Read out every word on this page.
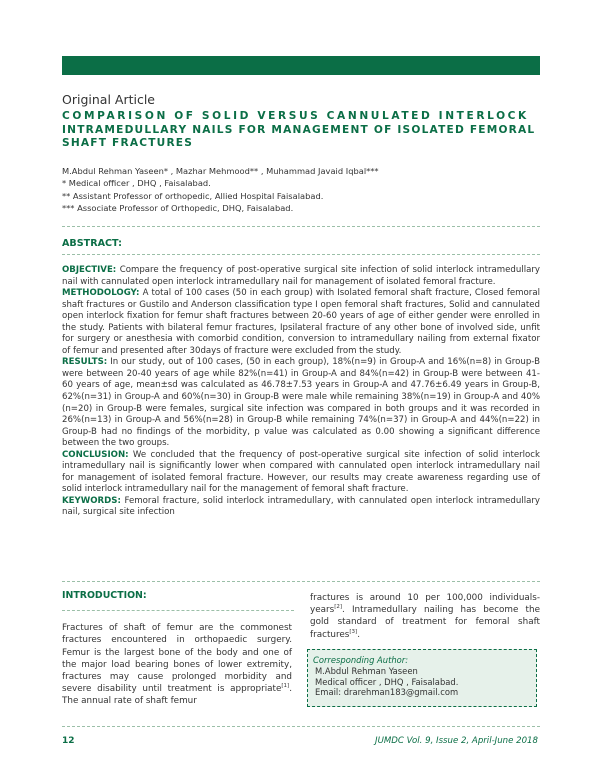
Original Article
COMPARISON OF SOLID VERSUS CANNULATED INTERLOCK
INTRAMEDULLARY NAILS FOR MANAGEMENT OF ISOLATED FEMORAL
SHAFT FRACTURES
M.Abdul Rehman Yaseen* , Mazhar Mehmood** , Muhammad Javaid Iqbal***
* Medical officer , DHQ , Faisalabad.
** Assistant Professor of orthopedic, Allied Hospital Faisalabad.
*** Associate Professor of Orthopedic, DHQ, Faisalabad.
ABSTRACT:

OBJECTIVE: Compare the frequency of post-operative surgical site infection of solid interlock intramedullary nail with cannulated open interlock intramedullary nail for management of isolated femoral fracture.

METHODOLOGY: A total of 100 cases (50 in each group) with Isolated femoral shaft fracture, Closed femoral shaft fractures or Gustilo and Anderson classification type I open femoral shaft fractures, Solid and cannulated open interlock fixation for femur shaft fractures between 20-60 years of age of either gender were enrolled in the study. Patients with bilateral femur fractures, Ipsilateral fracture of any other bone of involved side, unfit for surgery or anesthesia with comorbid condition, conversion to intramedullary nailing from external fixator of femur and presented after 30days of fracture were excluded from the study.

RESULTS: In our study, out of 100 cases, (50 in each group), 18%(n=9) in Group-A and 16%(n=8) in Group-B were between 20-40 years of age while 82%(n=41) in Group-A and 84%(n=42) in Group-B were between 41-60 years of age, mean±sd was calculated as 46.78±7.53 years in Group-A and 47.76±6.49 years in Group-B, 62%(n=31) in Group-A and 60%(n=30) in Group-B were male while remaining 38%(n=19) in Group-A and 40%(n=20) in Group-B were females, surgical site infection was compared in both groups and it was recorded in 26%(n=13) in Group-A and 56%(n=28) in Group-B while remaining 74%(n=37) in Group-A and 44%(n=22) in Group-B had no findings of the morbidity, p value was calculated as 0.00 showing a significant difference between the two groups.

CONCLUSION: We concluded that the frequency of post-operative surgical site infection of solid interlock intramedullary nail is significantly lower when compared with cannulated open interlock intramedullary nail for management of isolated femoral fracture. However, our results may create awareness regarding use of solid interlock intramedullary nail for the management of femoral shaft fracture.

KEYWORDS: Femoral fracture, solid interlock intramedullary, with cannulated open interlock intramedullary nail, surgical site infection

INTRODUCTION:

Fractures of shaft of femur are the commonest fractures encountered in orthopaedic surgery. Femur is the largest bone of the body and one of the major load bearing bones of lower extremity, fractures may cause prolonged morbidity and severe disability until treatment is appropriate[1]. The annual rate of shaft femur

fractures is around 10 per 100,000 individuals-years[2]. Intramedullary nailing has become the gold standard of treatment for femoral shaft fractures[3].

Corresponding Author:
M.Abdul Rehman Yaseen
Medical officer , DHQ , Faisalabad.
Email: drarehman183@gmail.com
12	JUMDC Vol. 9, Issue 2, April-June 2018
